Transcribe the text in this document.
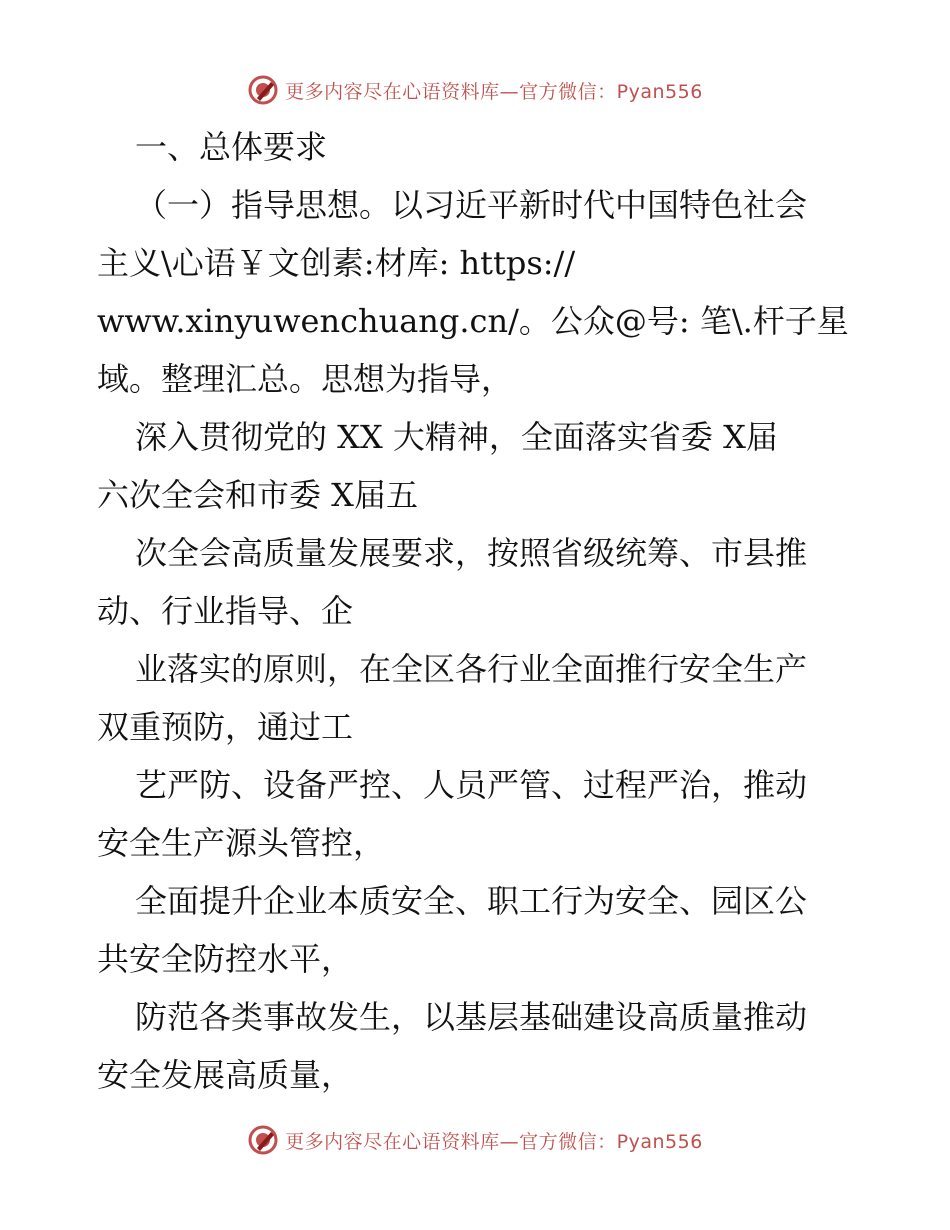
更多内容尽在心语资料库—官方微信：Pyan556

一、总体要求

（一）指导思想。以习近平新时代中国特色社会

主义\心语￥文创素:材库: https://

www.xinyuwenchuang.cn/。公众@号: 笔\.杆子星

域。整理汇总。思想为指导，

深入贯彻党的 XX 大精神，全面落实省委 X届

六次全会和市委 X届五

次全会高质量发展要求，按照省级统筹、市县推

动、行业指导、企

业落实的原则，在全区各行业全面推行安全生产

双重预防，通过工

艺严防、设备严控、人员严管、过程严治，推动

安全生产源头管控，

全面提升企业本质安全、职工行为安全、园区公

共安全防控水平，

防范各类事故发生，以基层基础建设高质量推动

安全发展高质量，

更多内容尽在心语资料库—官方微信：Pyan556
